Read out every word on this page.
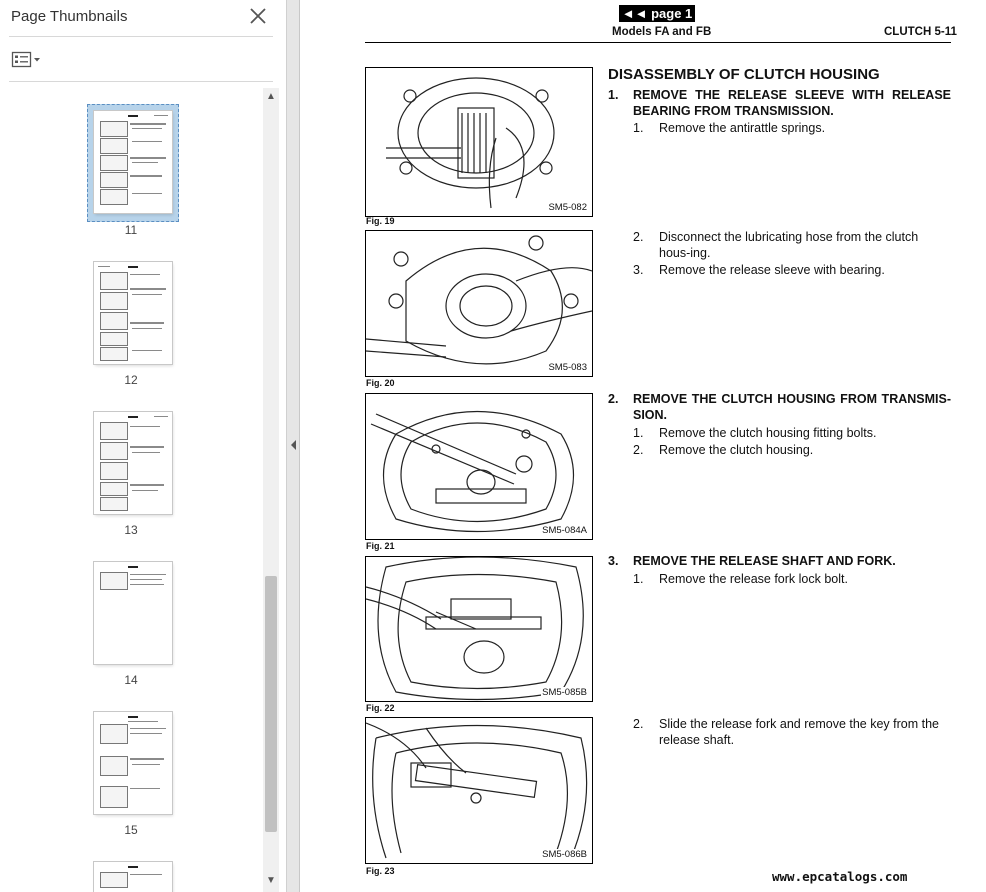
Page Thumbnails
11
12
13
14
15
▲
▼
◄◄ page 1
Models FA and FB	CLUTCH 5-11
SM5-082
Fig. 19
SM5-083
Fig. 20
SM5-084A
Fig. 21
SM5-085B
Fig. 22
SM5-086B
Fig. 23
DISASSEMBLY OF CLUTCH HOUSING
1. REMOVE THE RELEASE SLEEVE WITH RELEASE BEARING FROM TRANSMISSION.
1. Remove the antirattle springs.
2. Disconnect the lubricating hose from the clutch hous-ing.
3. Remove the release sleeve with bearing.
2. REMOVE THE CLUTCH HOUSING FROM TRANSMIS-SION.
1. Remove the clutch housing fitting bolts.
2. Remove the clutch housing.
3. REMOVE THE RELEASE SHAFT AND FORK.
1. Remove the release fork lock bolt.
2. Slide the release fork and remove the key from the release shaft.
www.epcatalogs.com
